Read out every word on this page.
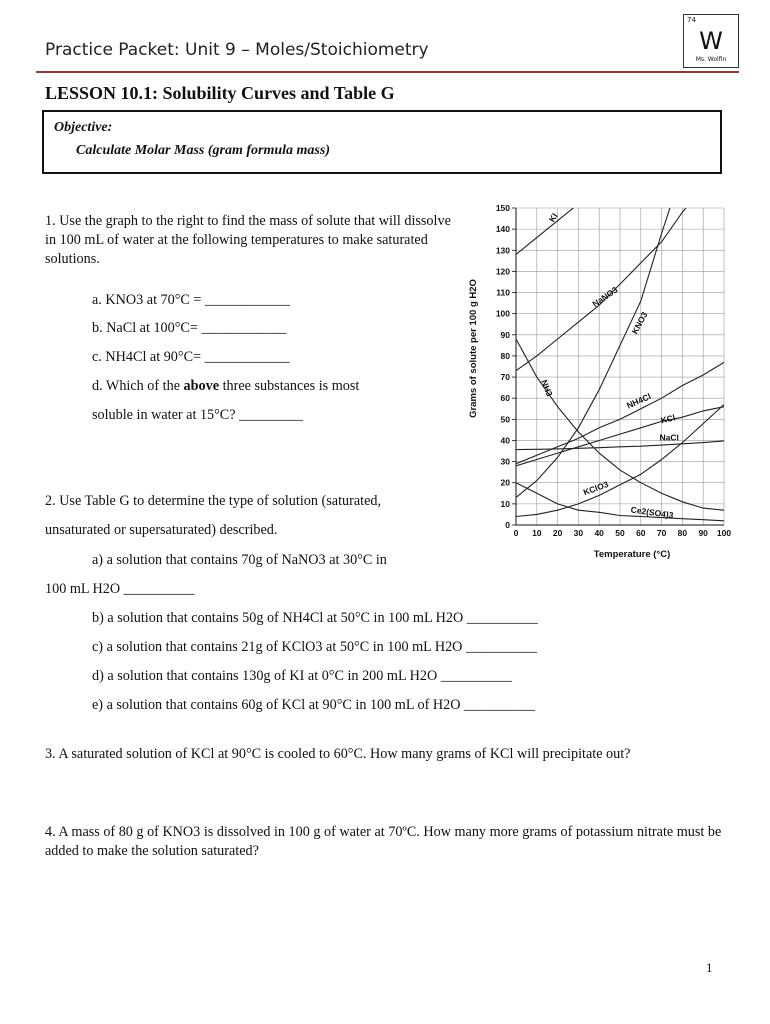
Practice Packet: Unit 9 – Moles/Stoichiometry
74
W
Ms. Wolfin
LESSON 10.1: Solubility Curves and Table G
Objective:
Calculate Molar Mass (gram formula mass)
1. Use the graph to the right to find the mass of solute that will dissolve in 100 mL of water at the following temperatures to make saturated solutions.
a. KNO3 at 70°C = ____________
b. NaCl at 100°C= ____________
c. NH4Cl at 90°C= ____________
d. Which of the above three substances is most
soluble in water at 15°C? _________
2. Use Table G to determine the type of solution (saturated,
unsaturated or supersaturated) described.
a) a solution that contains 70g of NaNO3 at 30°C in
100 mL H2O __________
b) a solution that contains 50g of NH4Cl at 50°C in 100 mL H2O __________
c) a solution that contains 21g of KClO3 at 50°C in 100 mL H2O __________
d) a solution that contains 130g of KI at 0°C in 200 mL H2O __________
e) a solution that contains 60g of KCl at 90°C in 100 mL of H2O __________
3. A saturated solution of KCl at 90°C is cooled to 60°C. How many grams of KCl will precipitate out?
4. A mass of 80 g of KNO3 is dissolved in 100 g of water at 70ºC. How many more grams of potassium nitrate must be added to make the solution saturated?
1
0 10 20 30 40 50 60 70 80 90 100
0
10
20
30
40
50
60
70
80
90
100
110
120
130
140
150
Temperature (°C)
Grams of solute per 100 g H2O
KI
NaNO3
KNO3
NH3
NH4Cl
KCl
NaCl
KClO3
Ce2(SO4)3
